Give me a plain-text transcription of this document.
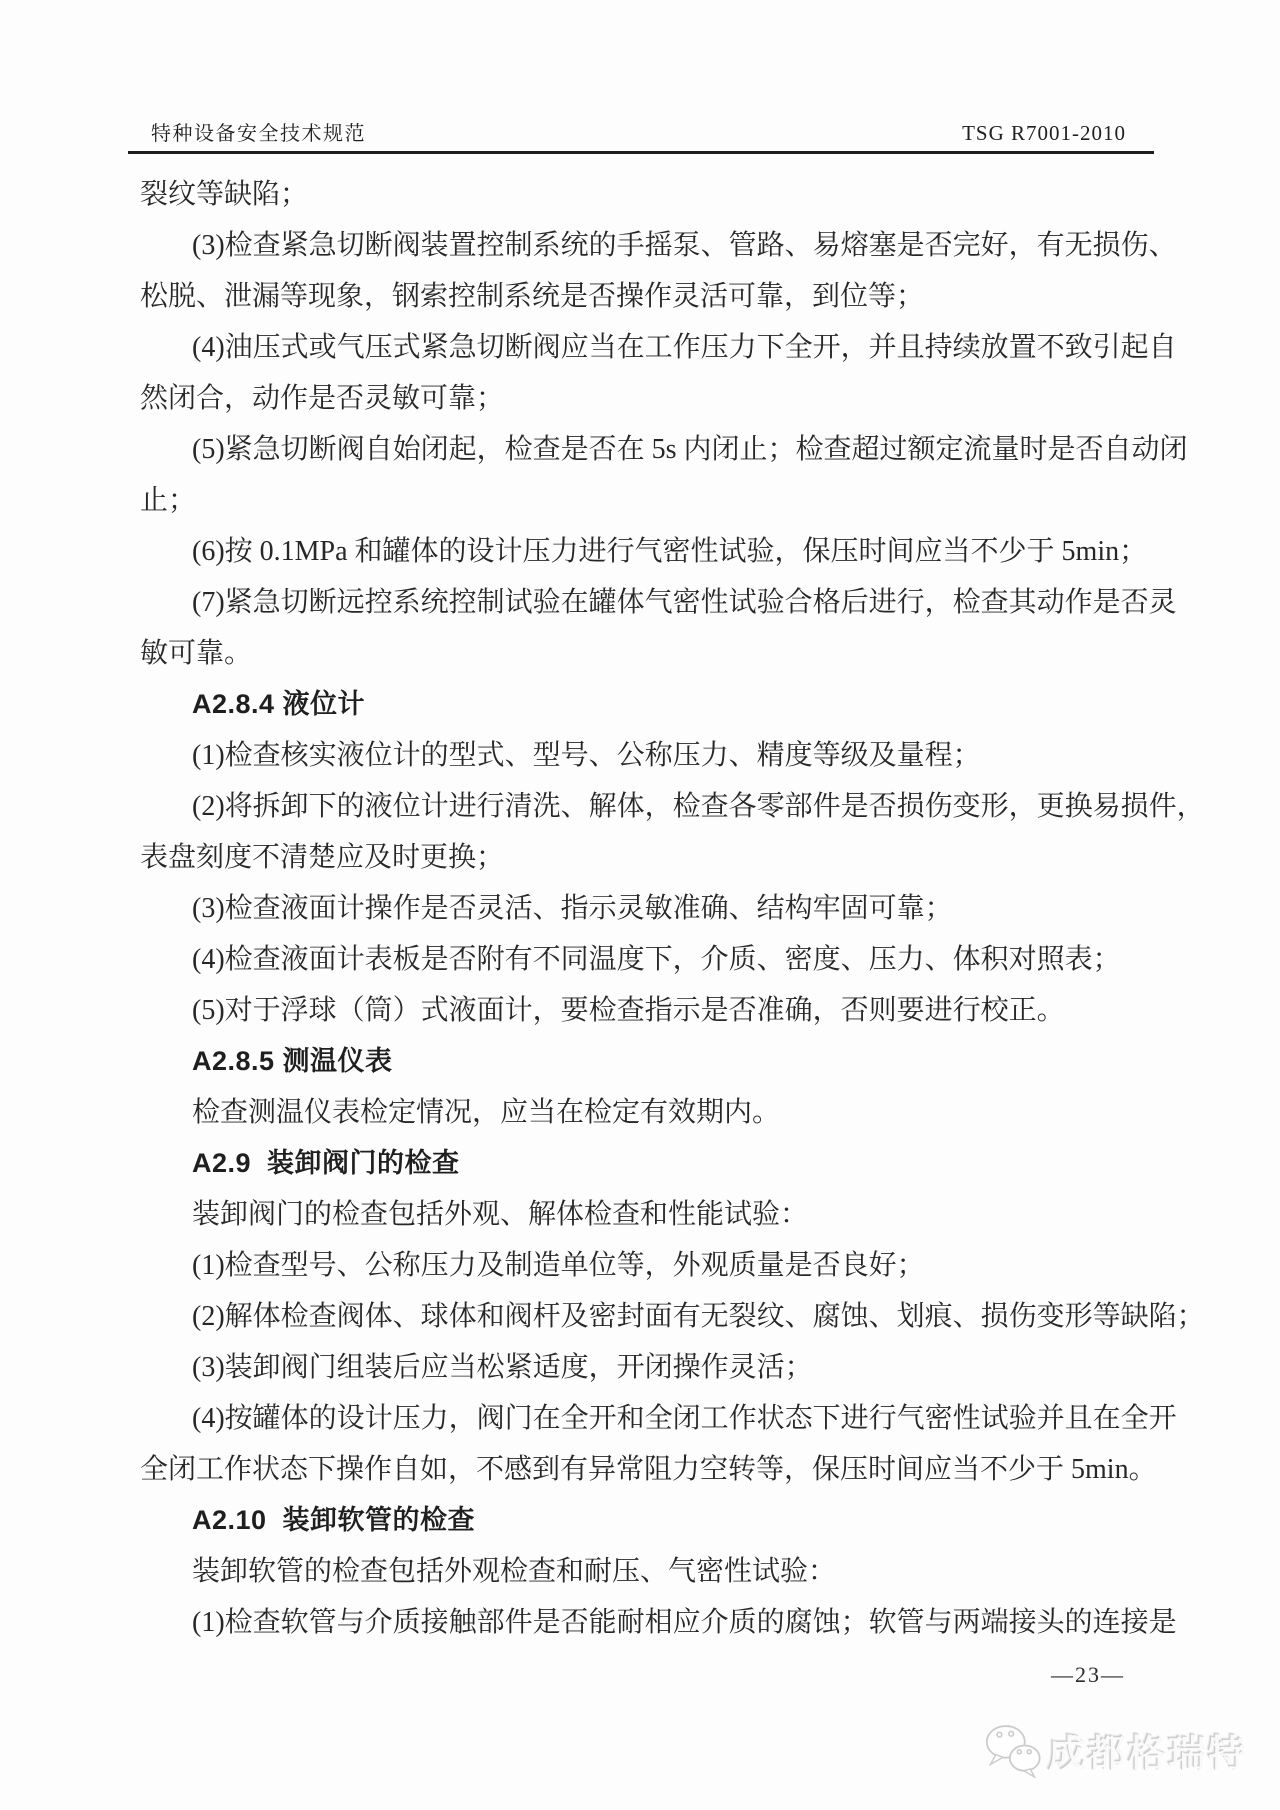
特种设备安全技术规范	TSG R7001-2010
裂纹等缺陷；
(3)检查紧急切断阀装置控制系统的手摇泵、管路、易熔塞是否完好，有无损伤、
松脱、泄漏等现象，钢索控制系统是否操作灵活可靠，到位等；
(4)油压式或气压式紧急切断阀应当在工作压力下全开，并且持续放置不致引起自
然闭合，动作是否灵敏可靠；
(5)紧急切断阀自始闭起，检查是否在 5s 内闭止；检查超过额定流量时是否自动闭
止；
(6)按 0.1MPa 和罐体的设计压力进行气密性试验，保压时间应当不少于 5min；
(7)紧急切断远控系统控制试验在罐体气密性试验合格后进行，检查其动作是否灵
敏可靠。
A2.8.4 液位计
(1)检查核实液位计的型式、型号、公称压力、精度等级及量程；
(2)将拆卸下的液位计进行清洗、解体，检查各零部件是否损伤变形，更换易损件，
表盘刻度不清楚应及时更换；
(3)检查液面计操作是否灵活、指示灵敏准确、结构牢固可靠；
(4)检查液面计表板是否附有不同温度下，介质、密度、压力、体积对照表；
(5)对于浮球（筒）式液面计，要检查指示是否准确，否则要进行校正。
A2.8.5 测温仪表
检查测温仪表检定情况，应当在检定有效期内。
A2.9  装卸阀门的检查
装卸阀门的检查包括外观、解体检查和性能试验：
(1)检查型号、公称压力及制造单位等，外观质量是否良好；
(2)解体检查阀体、球体和阀杆及密封面有无裂纹、腐蚀、划痕、损伤变形等缺陷；
(3)装卸阀门组装后应当松紧适度，开闭操作灵活；
(4)按罐体的设计压力，阀门在全开和全闭工作状态下进行气密性试验并且在全开
全闭工作状态下操作自如，不感到有异常阻力空转等，保压时间应当不少于 5min。
A2.10  装卸软管的检查
装卸软管的检查包括外观检查和耐压、气密性试验：
(1)检查软管与介质接触部件是否能耐相应介质的腐蚀；软管与两端接头的连接是
—23—
成都格瑞特
